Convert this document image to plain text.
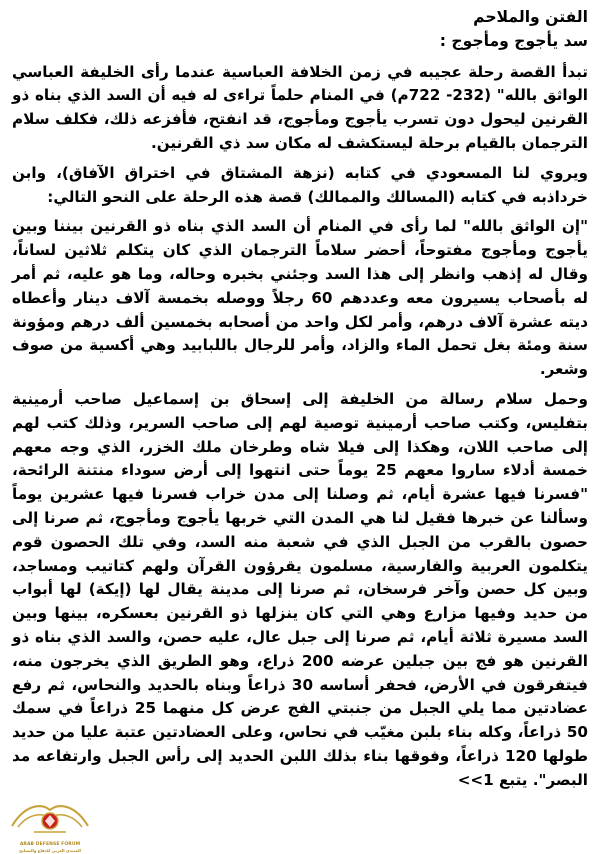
الفتن والملاحم
سد يأجوج ومأجوج :

تبدأ القصة رحلة عجيبه في زمن الخلافة العباسية عندما رأى الخليفة العباسي الواثق بالله" (232- 722م) في المنام حلماً تراءى له فيه أن السد الذي بناه ذو القرنين ليحول دون تسرب يأجوج ومأجوج، قد انفتح، فأفزعه ذلك، فكلف سلام الترجمان بالقيام برحلة ليستكشف له مكان سد ذي القرنين.

ويروي لنا المسعودي في كتابه (نزهة المشتاق في اختراق الآفاق)، وابن خرداذبه في كتابه (المسالك والممالك) قصة هذه الرحلة على النحو التالي:

"إن الواثق بالله" لما رأى في المنام أن السد الذي بناه ذو القرنين بيننا وبين يأجوج ومأجوج مفتوحاً، أحضر سلاماً الترجمان الذي كان يتكلم ثلاثين لساناً، وقال له إذهب وانظر إلى هذا السد وجئني بخبره وحاله، وما هو عليه، ثم أمر له بأصحاب يسيرون معه وعددهم 60 رجلاً ووصله بخمسة آلاف دينار وأعطاه ديته عشرة آلاف درهم، وأمر لكل واحد من أصحابه بخمسين ألف درهم ومؤونة سنة ومئة بغل تحمل الماء والزاد، وأمر للرجال باللبابيد وهي أكسية من صوف وشعر.

وحمل سلام رسالة من الخليفة إلى إسحاق بن إسماعيل صاحب أرمينية بتفليس، وكتب صاحب أرمينية توصية لهم إلى صاحب السرير، وذلك كتب لهم إلى صاحب اللان، وهكذا إلى فيلا شاه وطرخان ملك الخزر، الذي وجه معهم خمسة أدلاء ساروا معهم 25 يوماً حتى انتهوا إلى أرض سوداء منتنة الرائحة، "فسرنا فيها عشرة أيام، ثم وصلنا إلى مدن خراب فسرنا فيها عشرين يوماً وسألنا عن خبرها فقيل لنا هي المدن التي خربها يأجوج ومأجوج، ثم صرنا إلى حصون بالقرب من الجبل الذي في شعبة منه السد، وفي تلك الحصون قوم يتكلمون العربية والفارسية، مسلمون يقرؤون القرآن ولهم كتاتيب ومساجد، وبين كل حصن وآخر فرسخان، ثم صرنا إلى مدينة يقال لها (إيكة) لها أبواب من حديد وفيها مزارع وهي التي كان ينزلها ذو القرنين بعسكره، بينها وبين السد مسيرة ثلاثة أيام، ثم صرنا إلى جبل عال، عليه حصن، والسد الذي بناه ذو القرنين هو فج بين جبلين عرضه 200 ذراع، وهو الطريق الذي يخرجون منه، فيتفرقون في الأرض، فحفر أساسه 30 ذراعاً وبناه بالحديد والنحاس، ثم رفع عضادتين مما يلي الجبل من جنبتي الفج عرض كل منهما 25 ذراعاً في سمك 50 ذراعاً، وكله بناء بلبن مغيّب في نحاس، وعلى العضادتين عتبة عليا من حديد طولها 120 ذراعاً، وفوقها بناء بذلك اللبن الحديد إلى رأس الجبل وارتفاعه مد البصر". يتبع 1>>

ARAB DEFENSE FORUM
المنتدى العربي للدفاع والتسليح
